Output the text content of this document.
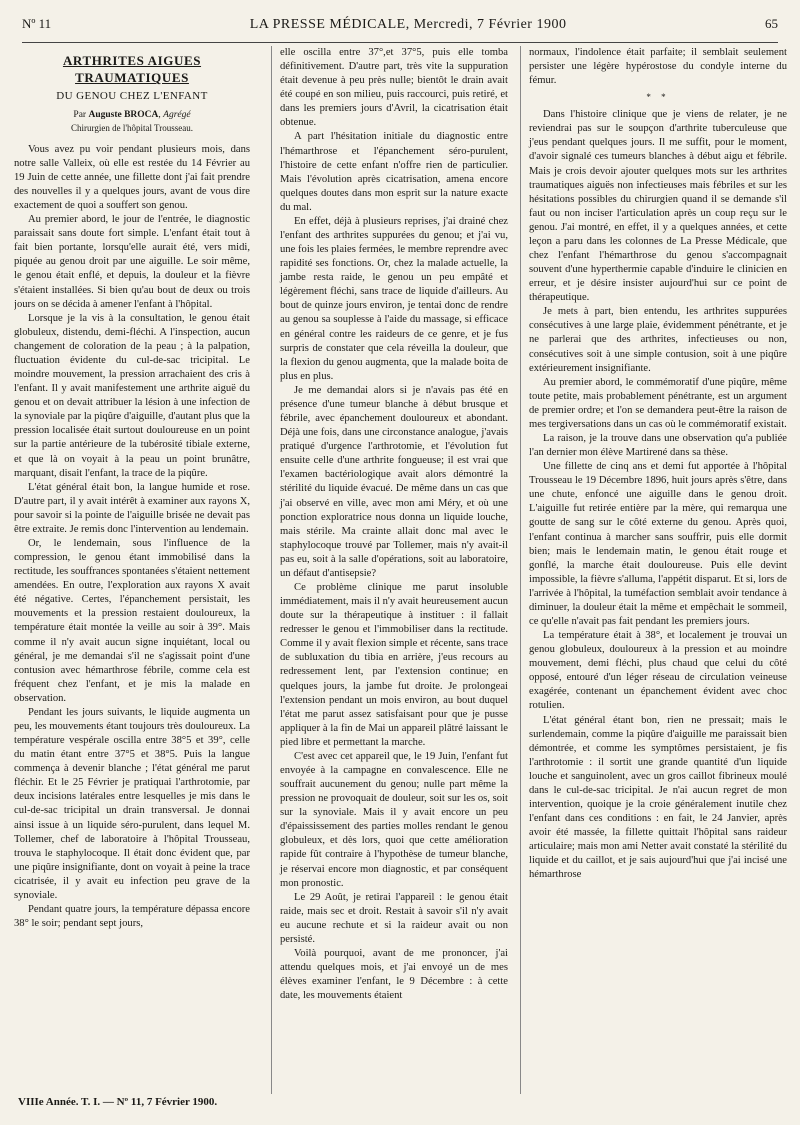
Nº 11	LA PRESSE MÉDICALE, Mercredi, 7 Février 1900	65
ARTHRITES AIGUES TRAUMATIQUES
DU GENOU CHEZ L'ENFANT
Par Auguste BROCA, Agrégé
Chirurgien de l'hôpital Trousseau.

Vous avez pu voir pendant plusieurs mois, dans notre salle Valleix, où elle est restée du 14 Février au 19 Juin de cette année, une fillette dont j'ai fait prendre des nouvelles il y a quelques jours, avant de vous dire exactement de quoi a souffert son genou.

Au premier abord, le jour de l'entrée, le diagnostic paraissait sans doute fort simple. L'enfant était tout à fait bien portante, lorsqu'elle aurait été, vers midi, piquée au genou droit par une aiguille. Le soir même, le genou était enflé, et depuis, la douleur et la fièvre s'étaient installées. Si bien qu'au bout de deux ou trois jours on se décida à amener l'enfant à l'hôpital.

Lorsque je la vis à la consultation, le genou était globuleux, distendu, demi-fléchi. A l'inspection, aucun changement de coloration de la peau ; à la palpation, fluctuation évidente du cul-de-sac tricipital. Le moindre mouvement, la pression arrachaient des cris à l'enfant. Il y avait manifestement une arthrite aiguë du genou et on devait attribuer la lésion à une infection de la synoviale par la piqûre d'aiguille, d'autant plus que la pression localisée était surtout douloureuse en un point sur la partie antérieure de la tubérosité tibiale externe, et que là on voyait à la peau un point brunâtre, marquant, disait l'enfant, la trace de la piqûre.

L'état général était bon, la langue humide et rose. D'autre part, il y avait intérêt à examiner aux rayons X, pour savoir si la pointe de l'aiguille brisée ne devait pas être extraite. Je remis donc l'intervention au lendemain.

Or, le lendemain, sous l'influence de la compression, le genou étant immobilisé dans la rectitude, les souffrances spontanées s'étaient nettement amendées. En outre, l'exploration aux rayons X avait été négative. Certes, l'épanchement persistait, les mouvements et la pression restaient douloureux, la température était montée la veille au soir à 39°. Mais comme il n'y avait aucun signe inquiétant, local ou général, je me demandai s'il ne s'agissait point d'une contusion avec hémarthrose fébrile, comme cela est fréquent chez l'enfant, et je mis la malade en observation.

Pendant les jours suivants, le liquide augmenta un peu, les mouvements étant toujours très douloureux. La température vespérale oscilla entre 38°5 et 39°, celle du matin étant entre 37°5 et 38°5. Puis la langue commença à devenir blanche ; l'état général me parut fléchir. Et le 25 Février je pratiquai l'arthrotomie, par deux incisions latérales entre lesquelles je mis dans le cul-de-sac tricipital un drain transversal. Je donnai ainsi issue à un liquide séro-purulent, dans lequel M. Tollemer, chef de laboratoire à l'hôpital Trousseau, trouva le staphylocoque. Il était donc évident que, par une piqûre insignifiante, dont on voyait à peine la trace cicatrisée, il y avait eu infection peu grave de la synoviale.

Pendant quatre jours, la température dépassa encore 38° le soir; pendant sept jours,

elle oscilla entre 37°,et 37°5, puis elle tomba définitivement. D'autre part, très vite la suppuration était devenue à peu près nulle; bientôt le drain avait été coupé en son milieu, puis raccourci, puis retiré, et dans les premiers jours d'Avril, la cicatrisation était obtenue.

A part l'hésitation initiale du diagnostic entre l'hémarthrose et l'épanchement séro-purulent, l'histoire de cette enfant n'offre rien de particulier. Mais l'évolution après cicatrisation, amena encore quelques doutes dans mon esprit sur la nature exacte du mal.

En effet, déjà à plusieurs reprises, j'ai drainé chez l'enfant des arthrites suppurées du genou; et j'ai vu, une fois les plaies fermées, le membre reprendre avec rapidité ses fonctions. Or, chez la malade actuelle, la jambe resta raide, le genou un peu empâté et légèrement fléchi, sans trace de liquide d'ailleurs. Au bout de quinze jours environ, je tentai donc de rendre au genou sa souplesse à l'aide du massage, si efficace en général contre les raideurs de ce genre, et je fus surpris de constater que cela réveilla la douleur, que la flexion du genou augmenta, que la malade boita de plus en plus.

Je me demandai alors si je n'avais pas été en présence d'une tumeur blanche à début brusque et fébrile, avec épanchement douloureux et abondant. Déjà une fois, dans une circonstance analogue, j'avais pratiqué d'urgence l'arthrotomie, et l'évolution fut ensuite celle d'une arthrite fongueuse; il est vrai que l'examen bactériologique avait alors démontré la stérilité du liquide évacué. De même dans un cas que j'ai observé en ville, avec mon ami Méry, et où une ponction exploratrice nous donna un liquide louche, mais stérile. Ma crainte allait donc mal avec le staphylocoque trouvé par Tollemer, mais n'y avait-il pas eu, soit à la salle d'opérations, soit au laboratoire, un défaut d'antisepsie?

Ce problème clinique me parut insoluble immédiatement, mais il n'y avait heureusement aucun doute sur la thérapeutique à instituer : il fallait redresser le genou et l'immobiliser dans la rectitude. Comme il y avait flexion simple et récente, sans trace de subluxation du tibia en arrière, j'eus recours au redressement lent, par l'extension continue; en quelques jours, la jambe fut droite. Je prolongeai l'extension pendant un mois environ, au bout duquel l'état me parut assez satisfaisant pour que je pusse appliquer à la fin de Mai un appareil plâtré laissant le pied libre et permettant la marche.

C'est avec cet appareil que, le 19 Juin, l'enfant fut envoyée à la campagne en convalescence. Elle ne souffrait aucunement du genou; nulle part même la pression ne provoquait de douleur, soit sur les os, soit sur la synoviale. Mais il y avait encore un peu d'épaississement des parties molles rendant le genou globuleux, et dès lors, quoi que cette amélioration rapide fût contraire à l'hypothèse de tumeur blanche, je réservai encore mon diagnostic, et par conséquent mon pronostic.

Le 29 Août, je retirai l'appareil : le genou était raide, mais sec et droit. Restait à savoir s'il n'y avait eu aucune rechute et si la raideur avait ou non persisté.

Voilà pourquoi, avant de me prononcer, j'ai attendu quelques mois, et j'ai envoyé un de mes élèves examiner l'enfant, le 9 Décembre : à cette date, les mouvements étaient

normaux, l'indolence était parfaite; il semblait seulement persister une légère hypérostose du condyle interne du fémur.

* *

Dans l'histoire clinique que je viens de relater, je ne reviendrai pas sur le soupçon d'arthrite tuberculeuse que j'eus pendant quelques jours. Il me suffit, pour le moment, d'avoir signalé ces tumeurs blanches à début aigu et fébrile. Mais je crois devoir ajouter quelques mots sur les arthrites traumatiques aiguës non infectieuses mais fébriles et sur les hésitations possibles du chirurgien quand il se demande s'il faut ou non inciser l'articulation après un coup reçu sur le genou. J'ai montré, en effet, il y a quelques années, et cette leçon a paru dans les colonnes de La Presse Médicale, que chez l'enfant l'hémarthrose du genou s'accompagnait souvent d'une hyperthermie capable d'induire le clinicien en erreur, et je désire insister aujourd'hui sur ce point de thérapeutique.

Je mets à part, bien entendu, les arthrites suppurées consécutives à une large plaie, évidemment pénétrante, et je ne parlerai que des arthrites, infectieuses ou non, consécutives soit à une simple contusion, soit à une piqûre extérieurement insignifiante.

Au premier abord, le commémoratif d'une piqûre, même toute petite, mais probablement pénétrante, est un argument de premier ordre; et l'on se demandera peut-être la raison de mes tergiversations dans un cas où le commémoratif existait.

La raison, je la trouve dans une observation qu'a publiée l'an dernier mon élève Martirené dans sa thèse.

Une fillette de cinq ans et demi fut apportée à l'hôpital Trousseau le 19 Décembre 1896, huit jours après s'être, dans une chute, enfoncé une aiguille dans le genou droit. L'aiguille fut retirée entière par la mère, qui remarqua une goutte de sang sur le côté externe du genou. Après quoi, l'enfant continua à marcher sans souffrir, puis elle dormit bien; mais le lendemain matin, le genou était rouge et gonflé, la marche était douloureuse. Puis elle devint impossible, la fièvre s'alluma, l'appétit disparut. Et si, lors de l'arrivée à l'hôpital, la tuméfaction semblait avoir tendance à diminuer, la douleur était la même et empêchait le sommeil, ce qu'elle n'avait pas fait pendant les premiers jours.

La température était à 38°, et localement je trouvai un genou globuleux, douloureux à la pression et au moindre mouvement, demi fléchi, plus chaud que celui du côté opposé, entouré d'un léger réseau de circulation veineuse exagérée, contenant un épanchement évident avec choc rotulien.

L'état général étant bon, rien ne pressait; mais le surlendemain, comme la piqûre d'aiguille me paraissait bien démontrée, et comme les symptômes persistaient, je fis l'arthrotomie : il sortit une grande quantité d'un liquide louche et sanguinolent, avec un gros caillot fibrineux moulé dans le cul-de-sac tricipital. Je n'ai aucun regret de mon intervention, quoique je la croie généralement inutile chez l'enfant dans ces conditions : en fait, le 24 Janvier, après avoir été massée, la fillette quittait l'hôpital sans raideur articulaire; mais mon ami Netter avait constaté la stérilité du liquide et du caillot, et je sais aujourd'hui que j'ai incisé une hémarthrose

VIIIe Année. T. I. — Nº 11, 7 Février 1900.
